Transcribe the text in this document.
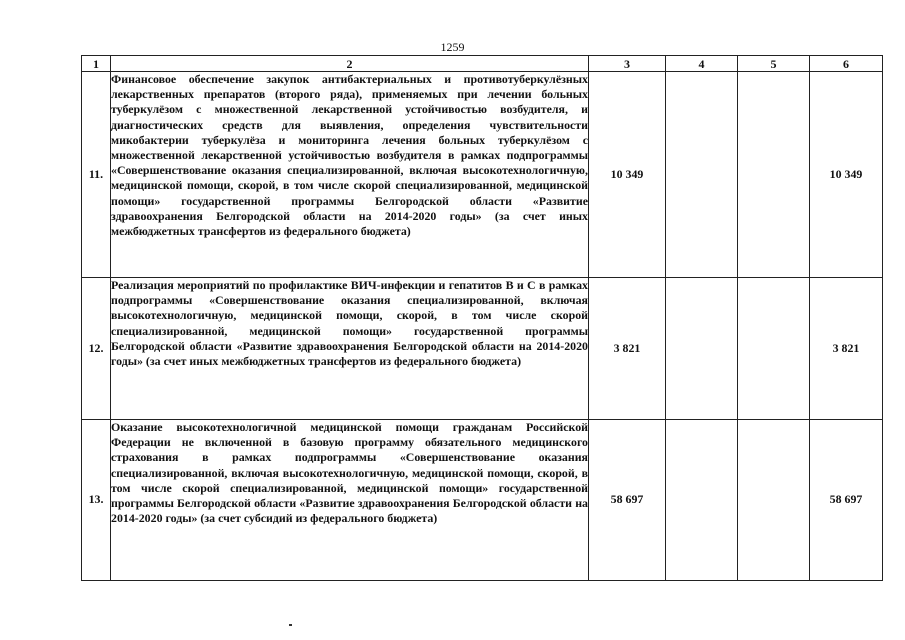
1259
1	2	3	4	5	6
11.	Финансовое обеспечение закупок антибактериальных и противотуберкулёзных лекарственных препаратов (второго ряда), применяемых при лечении больных туберкулёзом с множественной лекарственной устойчивостью возбудителя, и диагностических средств для выявления, определения чувствительности микобактерии туберкулёза и мониторинга лечения больных туберкулёзом с множественной лекарственной устойчивостью возбудителя в рамках подпрограммы «Совершенствование оказания специализированной, включая высокотехнологичную, медицинской помощи, скорой, в том числе скорой специализированной, медицинской помощи» государственной программы Белгородской области «Развитие здравоохранения Белгородской области на 2014-2020 годы» (за счет иных межбюджетных трансфертов из федерального бюджета)	10 349			10 349
12.	Реализация мероприятий по профилактике ВИЧ-инфекции и гепатитов В и С в рамках подпрограммы «Совершенствование оказания специализированной, включая высокотехнологичную, медицинской помощи, скорой, в том числе скорой специализированной, медицинской помощи» государственной программы Белгородской области «Развитие здравоохранения Белгородской области на 2014-2020 годы» (за счет иных межбюджетных трансфертов из федерального бюджета)	3 821			3 821
13.	Оказание высокотехнологичной медицинской помощи гражданам Российской Федерации не включенной в базовую программу обязательного медицинского страхования в рамках подпрограммы «Совершенствование оказания специализированной, включая высокотехнологичную, медицинской помощи, скорой, в том числе скорой специализированной, медицинской помощи» государственной программы Белгородской области «Развитие здравоохранения Белгородской области на 2014-2020 годы» (за счет субсидий из федерального бюджета)	58 697			58 697
